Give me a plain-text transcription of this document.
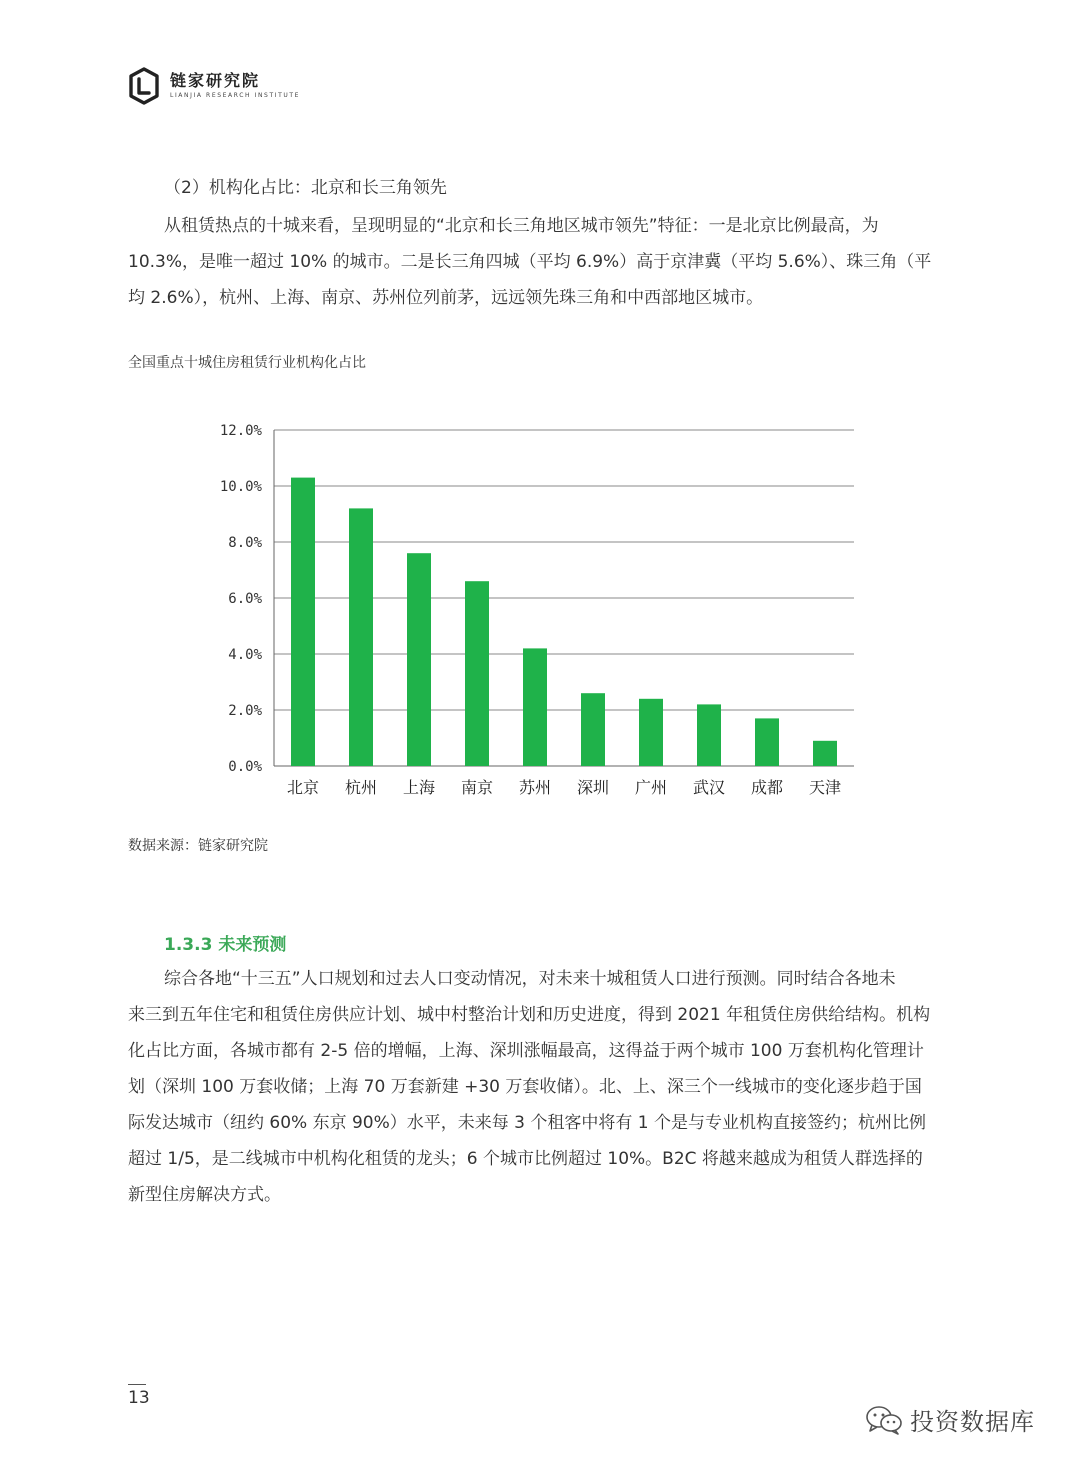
链家研究院
LIANJIA RESEARCH INSTITUTE
（2）机构化占比：北京和长三角领先
从租赁热点的十城来看，呈现明显的“北京和长三角地区城市领先”特征：一是北京比例最高，为
10.3%，是唯一超过 10% 的城市。二是长三角四城（平均 6.9%）高于京津冀（平均 5.6%）、珠三角（平
均 2.6%），杭州、上海、南京、苏州位列前茅，远远领先珠三角和中西部地区城市。
全国重点十城住房租赁行业机构化占比
0.0%
2.0%
4.0%
6.0%
8.0%
10.0%
12.0%
北京 杭州 上海 南京 苏州 深圳 广州 武汉 成都 天津
数据来源：链家研究院
1.3.3 未来预测
综合各地“十三五”人口规划和过去人口变动情况，对未来十城租赁人口进行预测。同时结合各地未
来三到五年住宅和租赁住房供应计划、城中村整治计划和历史进度，得到 2021 年租赁住房供给结构。机构
化占比方面，各城市都有 2-5 倍的增幅，上海、深圳涨幅最高，这得益于两个城市 100 万套机构化管理计
划（深圳 100 万套收储；上海 70 万套新建 +30 万套收储）。北、上、深三个一线城市的变化逐步趋于国
际发达城市（纽约 60% 东京 90%）水平，未来每 3 个租客中将有 1 个是与专业机构直接签约；杭州比例
超过 1/5，是二线城市中机构化租赁的龙头；6 个城市比例超过 10%。B2C 将越来越成为租赁人群选择的
新型住房解决方式。
13
投资数据库
